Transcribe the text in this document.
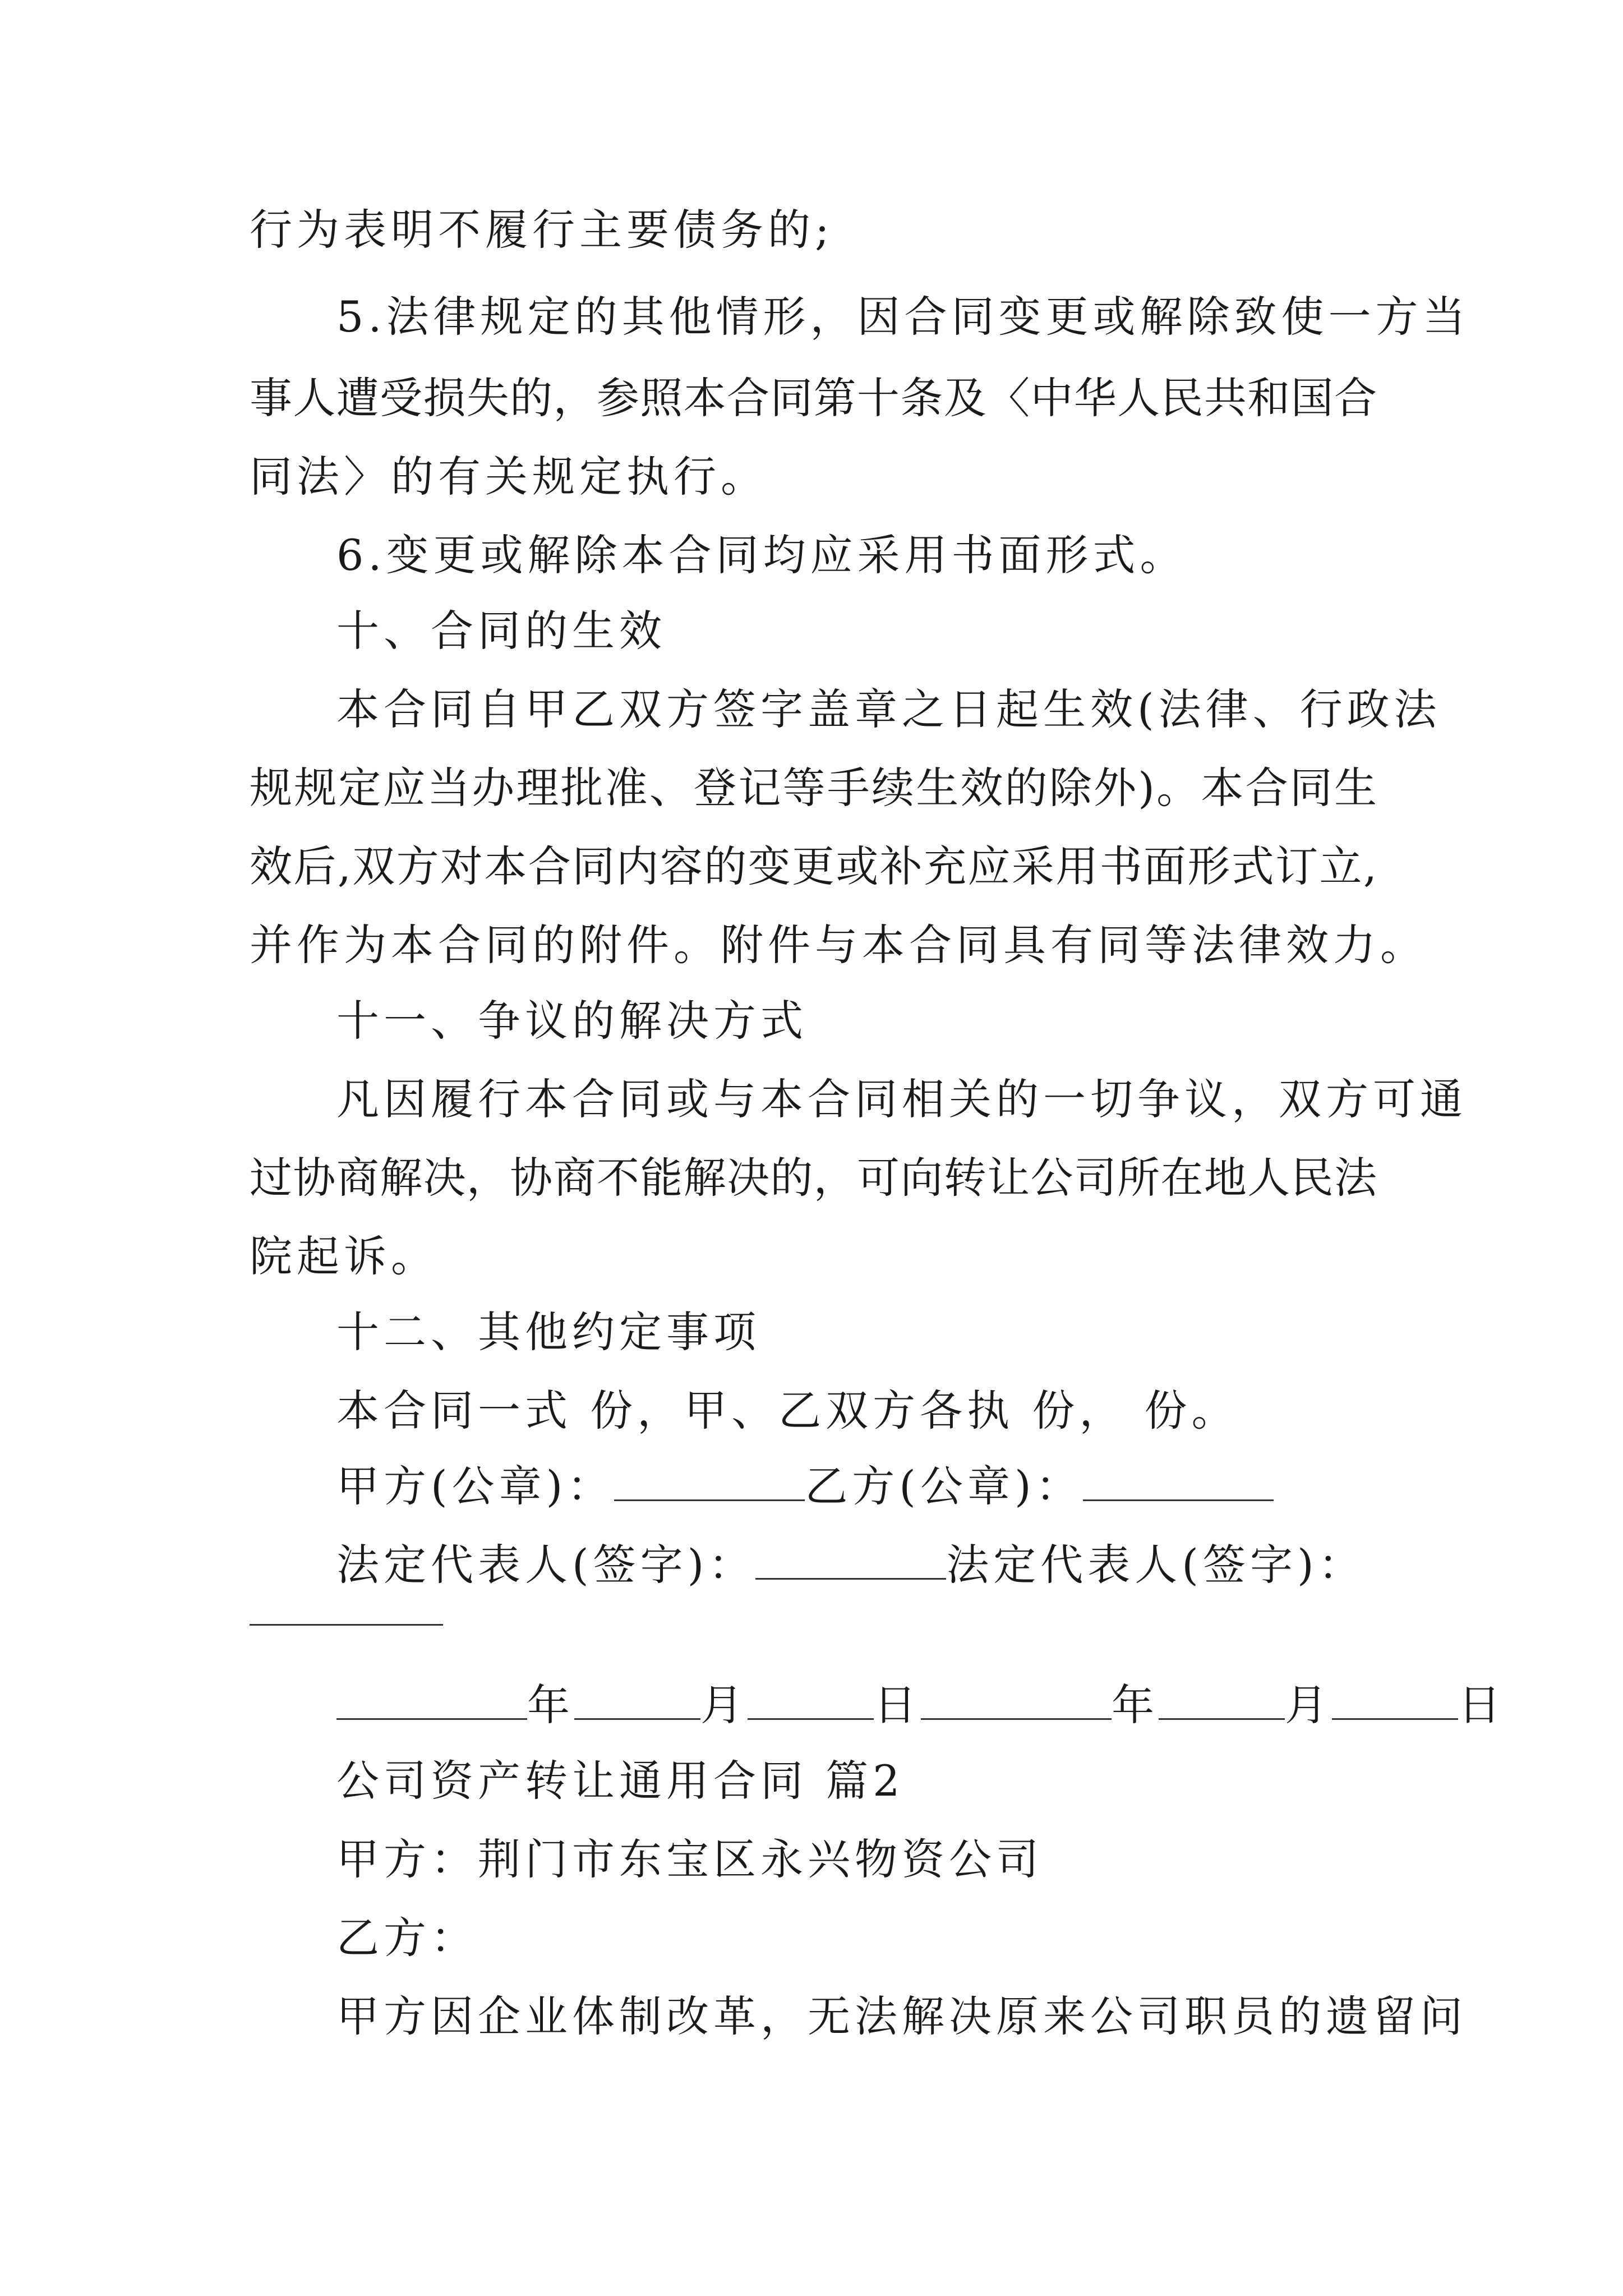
行为表明不履行主要债务的;
5.法律规定的其他情形，因合同变更或解除致使一方当
事人遭受损失的，参照本合同第十条及〈中华人民共和国合
同法〉的有关规定执行。
6.变更或解除本合同均应采用书面形式。
十、合同的生效
本合同自甲乙双方签字盖章之日起生效(法律、行政法
规规定应当办理批准、登记等手续生效的除外)。本合同生
效后,双方对本合同内容的变更或补充应采用书面形式订立,
并作为本合同的附件。附件与本合同具有同等法律效力。
十一、争议的解决方式
凡因履行本合同或与本合同相关的一切争议，双方可通
过协商解决，协商不能解决的，可向转让公司所在地人民法
院起诉。
十二、其他约定事项
本合同一式 份，甲、乙双方各执 份， 份。
甲方(公章)：	乙方(公章)：
法定代表人(签字)：	法定代表人(签字)：
年	月	日	年	月	日
公司资产转让通用合同 篇2
甲方：荆门市东宝区永兴物资公司
乙方：
甲方因企业体制改革，无法解决原来公司职员的遗留问
